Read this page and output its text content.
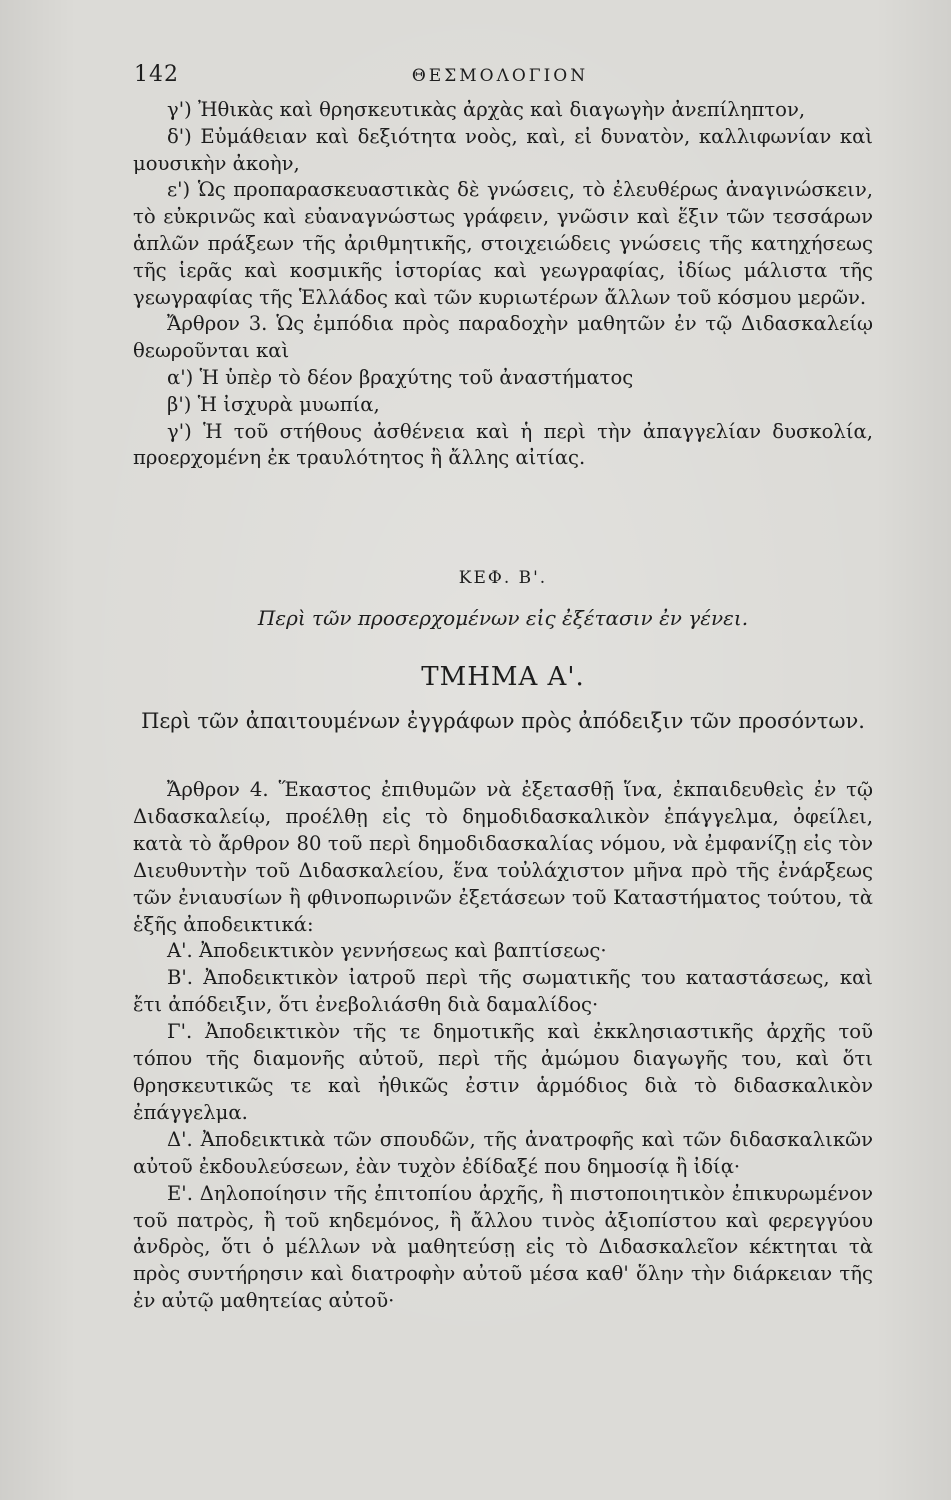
142	ΘΕΣΜΟΛΟΓΙΟΝ

γ') Ἠθικὰς καὶ θρησκευτικὰς ἀρχὰς καὶ διαγωγὴν ἀνεπίληπτον,

δ') Εὐμάθειαν καὶ δεξιότητα νοὸς, καὶ, εἰ δυνατὸν, καλλιφωνίαν καὶ μουσικὴν ἀκοὴν,

ε') Ὡς προπαρασκευαστικὰς δὲ γνώσεις, τὸ ἐλευθέρως ἀναγινώσκειν, τὸ εὐκρινῶς καὶ εὐαναγνώστως γράφειν, γνῶσιν καὶ ἕξιν τῶν τεσσάρων ἁπλῶν πράξεων τῆς ἀριθμητικῆς, στοιχειώδεις γνώσεις τῆς κατηχήσεως τῆς ἱερᾶς καὶ κοσμικῆς ἱστορίας καὶ γεωγραφίας, ἰδίως μάλιστα τῆς γεωγραφίας τῆς Ἑλλάδος καὶ τῶν κυριωτέρων ἄλλων τοῦ κόσμου μερῶν.

Ἄρθρον 3. Ὡς ἐμπόδια πρὸς παραδοχὴν μαθητῶν ἐν τῷ Διδασκαλείῳ θεωροῦνται καὶ

α') Ἡ ὑπὲρ τὸ δέον βραχύτης τοῦ ἀναστήματος

β') Ἡ ἰσχυρὰ μυωπία,

γ') Ἡ τοῦ στήθους ἀσθένεια καὶ ἡ περὶ τὴν ἀπαγγελίαν δυσκολία, προερχομένη ἐκ τραυλότητος ἢ ἄλλης αἰτίας.

ΚΕΦ. Β'.
Περὶ τῶν προσερχομένων εἰς ἐξέτασιν ἐν γένει.
ΤΜΗΜΑ Α'.
Περὶ τῶν ἀπαιτουμένων ἐγγράφων πρὸς ἀπόδειξιν τῶν προσόντων.

Ἄρθρον 4. Ἕκαστος ἐπιθυμῶν νὰ ἐξετασθῇ ἵνα, ἐκπαιδευθεὶς ἐν τῷ Διδασκαλείῳ, προέλθῃ εἰς τὸ δημοδιδασκαλικὸν ἐπάγγελμα, ὀφείλει, κατὰ τὸ ἄρθρον 80 τοῦ περὶ δημοδιδασκαλίας νόμου, νὰ ἐμφανίζῃ εἰς τὸν Διευθυντὴν τοῦ Διδασκαλείου, ἕνα τοὐλάχιστον μῆνα πρὸ τῆς ἐνάρξεως τῶν ἐνιαυσίων ἢ φθινοπωρινῶν ἐξετάσεων τοῦ Καταστήματος τούτου, τὰ ἑξῆς ἀποδεικτικά:

Α'. Ἀποδεικτικὸν γεννήσεως καὶ βαπτίσεως·

Β'. Ἀποδεικτικὸν ἰατροῦ περὶ τῆς σωματικῆς του καταστάσεως, καὶ ἔτι ἀπόδειξιν, ὅτι ἐνεβολιάσθη διὰ δαμαλίδος·

Γ'. Ἀποδεικτικὸν τῆς τε δημοτικῆς καὶ ἐκκλησιαστικῆς ἀρχῆς τοῦ τόπου τῆς διαμονῆς αὐτοῦ, περὶ τῆς ἀμώμου διαγωγῆς του, καὶ ὅτι θρησκευτικῶς τε καὶ ἠθικῶς ἐστιν ἁρμόδιος διὰ τὸ διδασκαλικὸν ἐπάγγελμα.

Δ'. Ἀποδεικτικὰ τῶν σπουδῶν, τῆς ἀνατροφῆς καὶ τῶν διδασκαλικῶν αὐτοῦ ἐκδουλεύσεων, ἐὰν τυχὸν ἐδίδαξέ που δημοσίᾳ ἢ ἰδίᾳ·

Ε'. Δηλοποίησιν τῆς ἐπιτοπίου ἀρχῆς, ἢ πιστοποιητικὸν ἐπικυρωμένον τοῦ πατρὸς, ἢ τοῦ κηδεμόνος, ἢ ἄλλου τινὸς ἀξιοπίστου καὶ φερεγγύου ἀνδρὸς, ὅτι ὁ μέλλων νὰ μαθητεύσῃ εἰς τὸ Διδασκαλεῖον κέκτηται τὰ πρὸς συντήρησιν καὶ διατροφὴν αὐτοῦ μέσα καθ' ὅλην τὴν διάρκειαν τῆς ἐν αὐτῷ μαθητείας αὐτοῦ·
